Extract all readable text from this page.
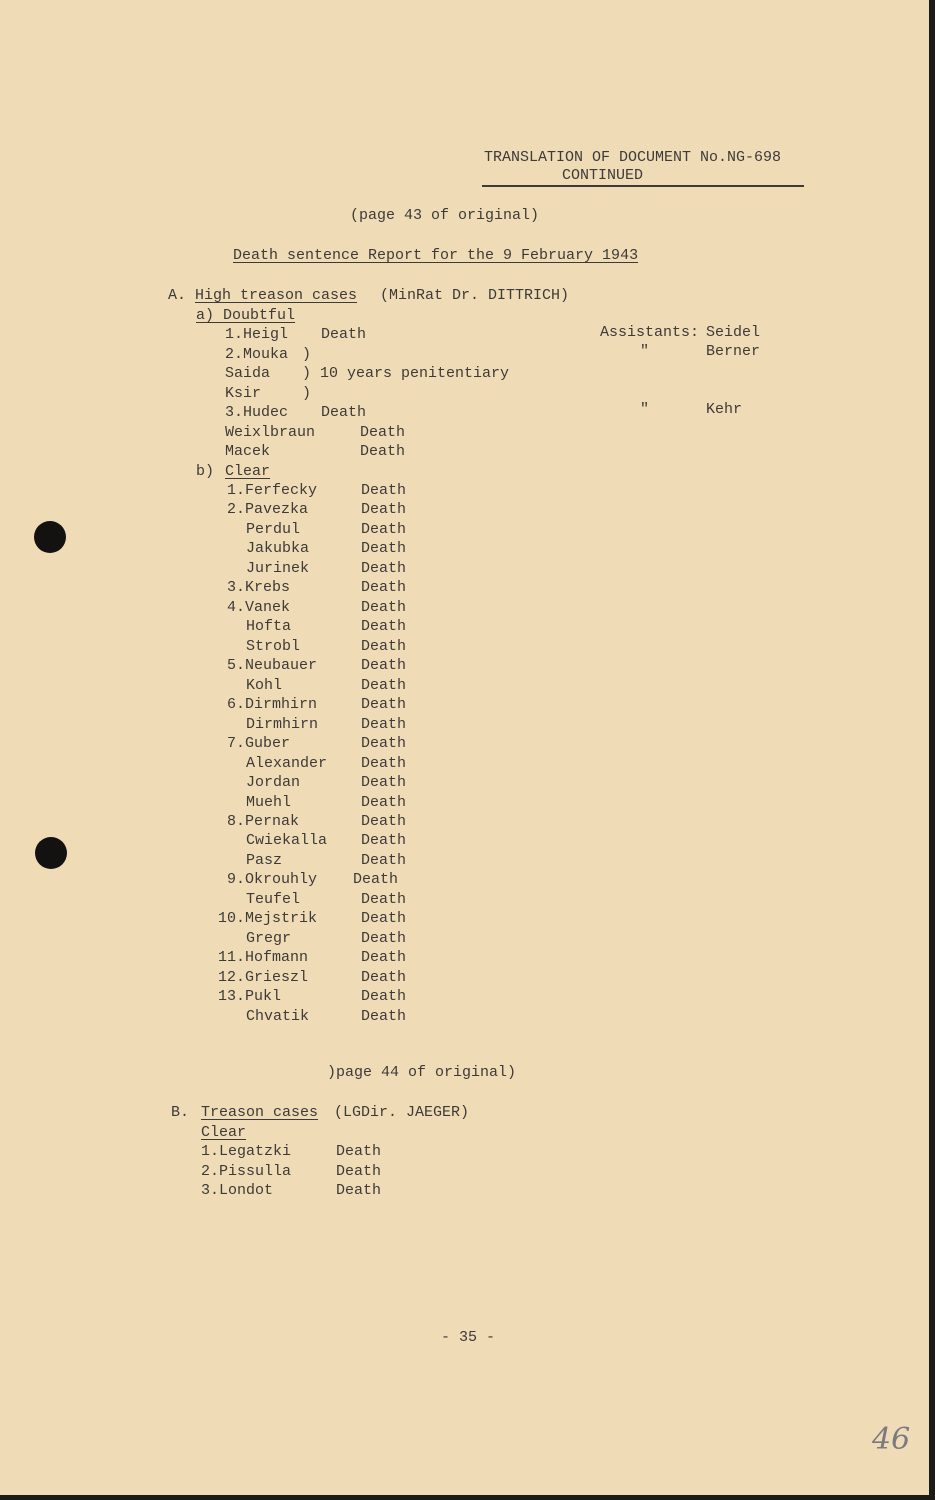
TRANSLATION OF DOCUMENT No.NG-698
CONTINUED
(page 43 of original)
Death sentence Report for the 9 February 1943
A. High treason cases (MinRat Dr. DITTRICH)
a) Doubtful
1. Heigl Death
2. Mouka )
Saida ) 10 years penitentiary
Ksir	)
3. Hudec Death
Weixlbraun	Death
Macek	Death
Assistants: Seidel
"	Berner
"	Kehr
b) Clear
1. Ferfecky	Death
2. Pavezka	Death
Perdul	Death
Jakubka	Death
Jurinek	Death
3. Krebs	Death
4. Vanek	Death
Hofta	Death
Strobl	Death
5. Neubauer	Death
Kohl	Death
6. Dirmhirn	Death
Dirmhirn	Death
7. Guber	Death
Alexander Death
Jordan	Death
Muehl	Death
8. Pernak	Death
Cwiekalla Death
Pasz	Death
9. Okrouhly Death
Teufel	Death
10. Mejstrik	Death
Gregr	Death
11. Hofmann	Death
12. Grieszl	Death
13. Pukl	Death
Chvatik	Death
)page 44 of original)
B. Treason cases (LGDir. JAEGER)
Clear
1. Legatzki	Death
2. Pissulla	Death
3. Londot	Death
- 35 -
46
